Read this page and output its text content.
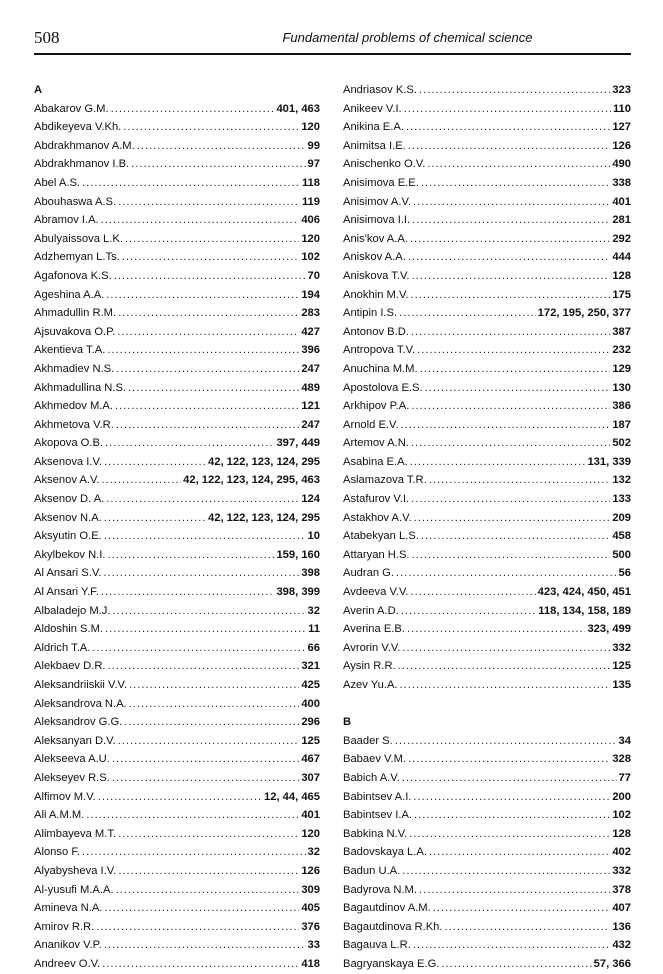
508	Fundamental problems of chemical science
A
Abakarov G.M. .....	401, 463
Abdikeyeva V.Kh. .....	120
Abdrakhmanov A.M. .....	99
Abdrakhmanov I.B. .....	97
Abel A.S. .....	118
Abouhaswa A.S. .....	119
Abramov I.A. .....	406
Abulyaissova L.K. .....	120
Adzhemyan L.Ts. .....	102
Agafonova K.S. .....	70
Ageshina A.A. .....	194
Ahmadullin R.M. .....	283
Ajsuvakova O.P. .....	427
Akentieva T.A. .....	396
Akhmadiev N.S. .....	247
Akhmadullina N.S. .....	489
Akhmedov M.A. .....	121
Akhmetova V.R. .....	247
Akopova O.B. .....	397, 449
Aksenova I.V. .....	42, 122, 123, 124, 295
Aksenov A.V. .....	42, 122, 123, 124, 295, 463
Aksenov D. A. .....	124
Aksenov N.A. .....	42, 122, 123, 124, 295
Aksyutin O.E. .....	10
Akylbekov N.I. .....	159, 160
Al Ansari S.V. .....	398
Al Ansari Y.F. .....	398, 399
Albaladejo M.J. .....	32
Aldoshin S.M. .....	11
Aldrich T.A. .....	66
Alekbaev D.R. .....	321
Aleksandriiskii V.V. .....	425
Aleksandrova N.A. .....	400
Aleksandrov G.G. .....	296
Aleksanyan D.V. .....	125
Alekseeva A.U. .....	467
Alekseyev R.S. .....	307
Alfimov M.V. .....	12, 44, 465
Ali A.M.M. .....	401
Alimbayeva M.T. .....	120
Alonso F. .....	32
Alyabysheva I.V. .....	126
Al-yusufi M.A.A. .....	309
Amineva N.A. .....	405
Amirov R.R. .....	376
Ananikov V.P. .....	33
Andreev O.V. .....	418
Andriasov K.S. .....	323
Anikeev V.I. .....	110
Anikina E.A. .....	127
Animitsa I.E. .....	126
Anischenko O.V. .....	490
Anisimova E.E. .....	338
Anisimov A.V. .....	401
Anisimova I.I. .....	281
Anis'kov A.A. .....	292
Aniskov A.A. .....	444
Aniskova T.V. .....	128
Anokhin M.V. .....	175
Antipin I.S. .....	172, 195, 250, 377
Antonov B.D. .....	387
Antropova T.V. .....	232
Anuchina M.M. .....	129
Apostolova E.S. .....	130
Arkhipov P.A. .....	386
Arnold E.V. .....	187
Artemov A.N. .....	502
Asabina E.A. .....	131, 339
Aslamazova T.R. .....	132
Astafurov V.I. .....	133
Astakhov A.V. .....	209
Atabekyan L.S. .....	458
Attaryan H.S. .....	500
Audran G. .....	56
Avdeeva V.V. .....	423, 424, 450, 451
Averin A.D. .....	118, 134, 158, 189
Averina E.B. .....	323, 499
Avrorin V.V. .....	332
Aysin R.R. .....	125
Azev Yu.A. .....	135
B
Baader S. .....	34
Babaev V.M. .....	328
Babich A.V. .....	77
Babintsev A.I. .....	200
Babintsev I.A. .....	102
Babkina N.V. .....	128
Badovskaya L.A. .....	402
Badun U.A. .....	332
Badyrova N.M. .....	378
Bagautdinov A.M. .....	407
Bagautdinova R.Kh. .....	136
Bagauva L.R. .....	432
Bagryanskaya E.G. .....	57, 366
